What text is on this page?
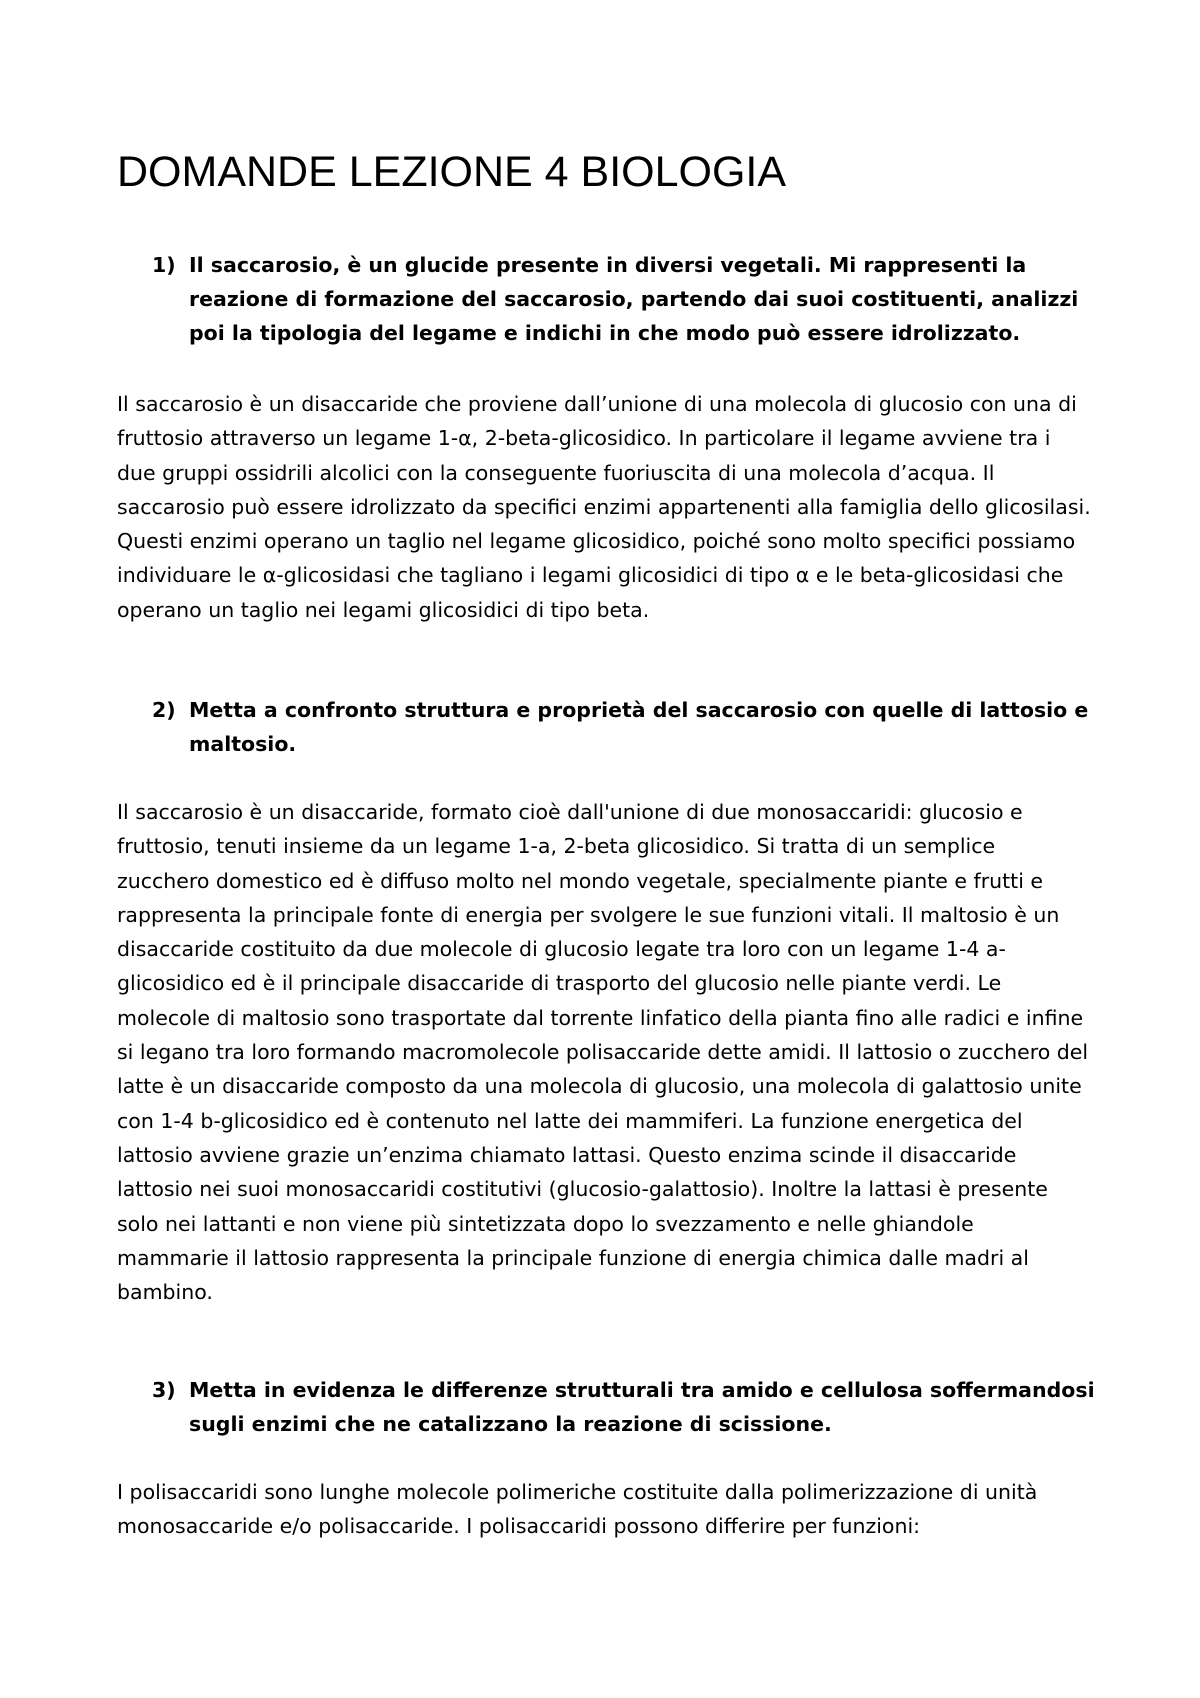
DOMANDE LEZIONE 4 BIOLOGIA
1) Il saccarosio, è un glucide presente in diversi vegetali. Mi rappresenti la reazione di formazione del saccarosio, partendo dai suoi costituenti, analizzi poi la tipologia del legame e indichi in che modo può essere idrolizzato.

Il saccarosio è un disaccaride che proviene dall’unione di una molecola di glucosio con una di fruttosio attraverso un legame 1-α, 2-beta-glicosidico. In particolare il legame avviene tra i due gruppi ossidrili alcolici con la conseguente fuoriuscita di una molecola d’acqua. Il saccarosio può essere idrolizzato da specifici enzimi appartenenti alla famiglia dello glicosilasi. Questi enzimi operano un taglio nel legame glicosidico, poiché sono molto specifici possiamo individuare le α-glicosidasi che tagliano i legami glicosidici di tipo α e le beta-glicosidasi che operano un taglio nei legami glicosidici di tipo beta.

2) Metta a confronto struttura e proprietà del saccarosio con quelle di lattosio e maltosio.

Il saccarosio è un disaccaride, formato cioè dall'unione di due monosaccaridi: glucosio e fruttosio, tenuti insieme da un legame 1-a, 2-beta glicosidico. Si tratta di un semplice zucchero domestico ed è diffuso molto nel mondo vegetale, specialmente piante e frutti e rappresenta la principale fonte di energia per svolgere le sue funzioni vitali. Il maltosio è un disaccaride costituito da due molecole di glucosio legate tra loro con un legame 1-4 a-glicosidico ed è il principale disaccaride di trasporto del glucosio nelle piante verdi. Le molecole di maltosio sono trasportate dal torrente linfatico della pianta fino alle radici e infine si legano tra loro formando macromolecole polisaccaride dette amidi. Il lattosio o zucchero del latte è un disaccaride composto da una molecola di glucosio, una molecola di galattosio unite con 1-4 b-glicosidico ed è contenuto nel latte dei mammiferi. La funzione energetica del lattosio avviene grazie un’enzima chiamato lattasi. Questo enzima scinde il disaccaride lattosio nei suoi monosaccaridi costitutivi (glucosio-galattosio). Inoltre la lattasi è presente solo nei lattanti e non viene più sintetizzata dopo lo svezzamento e nelle ghiandole mammarie il lattosio rappresenta la principale funzione di energia chimica dalle madri al bambino.

3) Metta in evidenza le differenze strutturali tra amido e cellulosa soffermandosi sugli enzimi che ne catalizzano la reazione di scissione.

I polisaccaridi sono lunghe molecole polimeriche costituite dalla polimerizzazione di unità monosaccaride e/o polisaccaride. I polisaccaridi possono differire per funzioni:
